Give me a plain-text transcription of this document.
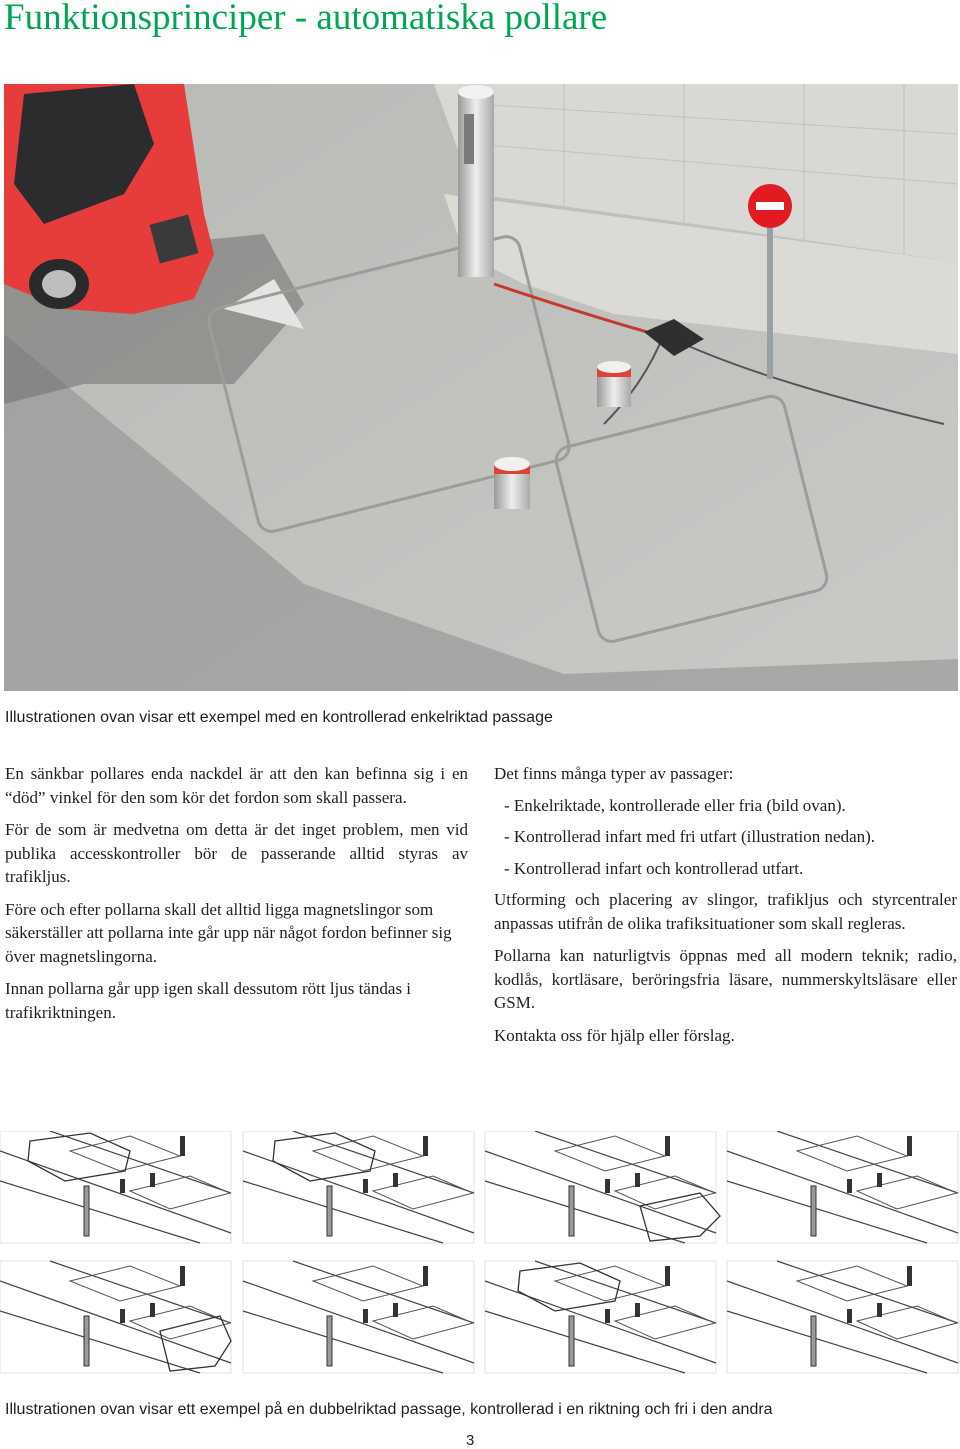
Funktionsprinciper - automatiska pollare

Illustrationen ovan visar ett exempel med en kontrollerad enkelriktad passage

En sänkbar pollares enda nackdel är att den kan befinna sig i en “död” vinkel för den som kör det fordon som skall passera.

För de som är medvetna om detta är det inget problem, men vid publika accesskontroller bör de passerande alltid styras av trafikljus.

Före och efter pollarna skall det alltid ligga magnetslingor som säkerställer att pollarna inte går upp när något fordon befinner sig över magnetslingorna.

Innan pollarna går upp igen skall dessutom rött ljus tändas i trafikriktningen.

Det finns många typer av passager:

- Enkelriktade, kontrollerade eller fria (bild ovan).
- Kontrollerad infart med fri utfart (illustration nedan).
- Kontrollerad infart och kontrollerad utfart.

Utforming och placering av slingor, trafikljus och styrcentraler anpassas utifrån de olika trafiksituationer som skall regleras.

Pollarna kan naturligtvis öppnas med all modern teknik; radio, kodlås, kortläsare, beröringsfria läsare, nummerskyltsläsare eller GSM.

Kontakta oss för hjälp eller förslag.

Illustrationen ovan visar ett exempel på en dubbelriktad passage, kontrollerad i en riktning och fri i den andra

3
